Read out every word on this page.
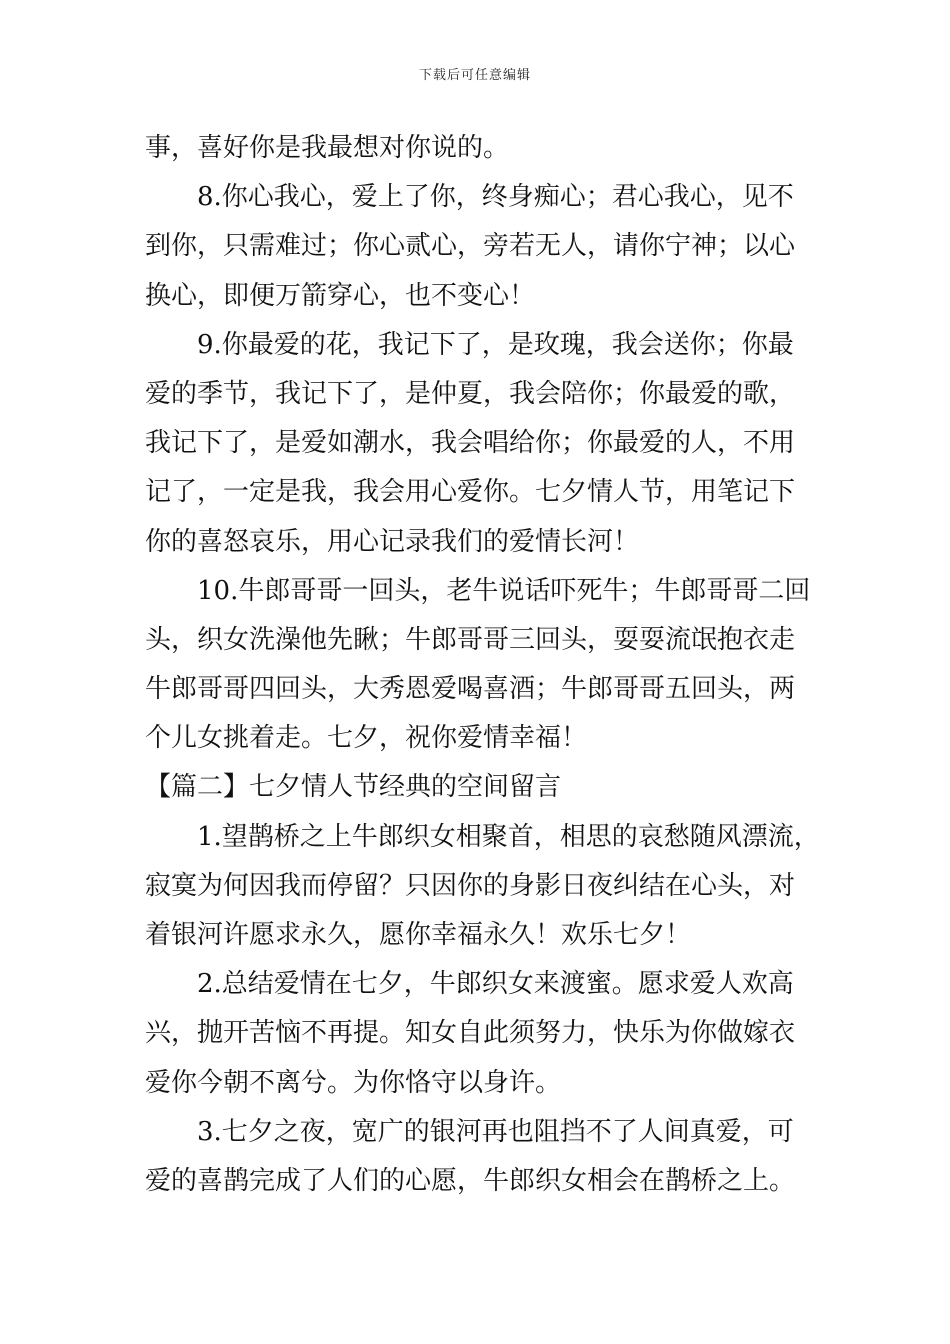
下载后可任意编辑
事，喜好你是我最想对你说的。
8.你心我心，爱上了你，终身痴心；君心我心，见不
到你，只需难过；你心贰心，旁若无人，请你宁神；以心
换心，即便万箭穿心，也不变心！
9.你最爱的花，我记下了，是玫瑰，我会送你；你最
爱的季节，我记下了，是仲夏，我会陪你；你最爱的歌，
我记下了，是爱如潮水，我会唱给你；你最爱的人，不用
记了，一定是我，我会用心爱你。七夕情人节，用笔记下
你的喜怒哀乐，用心记录我们的爱情长河！
10.牛郎哥哥一回头，老牛说话吓死牛；牛郎哥哥二回
头，织女洗澡他先瞅；牛郎哥哥三回头，耍耍流氓抱衣走
牛郎哥哥四回头，大秀恩爱喝喜酒；牛郎哥哥五回头，两
个儿女挑着走。七夕，祝你爱情幸福！
【篇二】七夕情人节经典的空间留言
1.望鹊桥之上牛郎织女相聚首，相思的哀愁随风漂流，
寂寞为何因我而停留？只因你的身影日夜纠结在心头，对
着银河许愿求永久，愿你幸福永久！欢乐七夕！
2.总结爱情在七夕，牛郎织女来渡蜜。愿求爱人欢高
兴，抛开苦恼不再提。知女自此须努力，快乐为你做嫁衣
爱你今朝不离兮。为你恪守以身许。
3.七夕之夜，宽广的银河再也阻挡不了人间真爱，可
爱的喜鹊完成了人们的心愿，牛郎织女相会在鹊桥之上。
